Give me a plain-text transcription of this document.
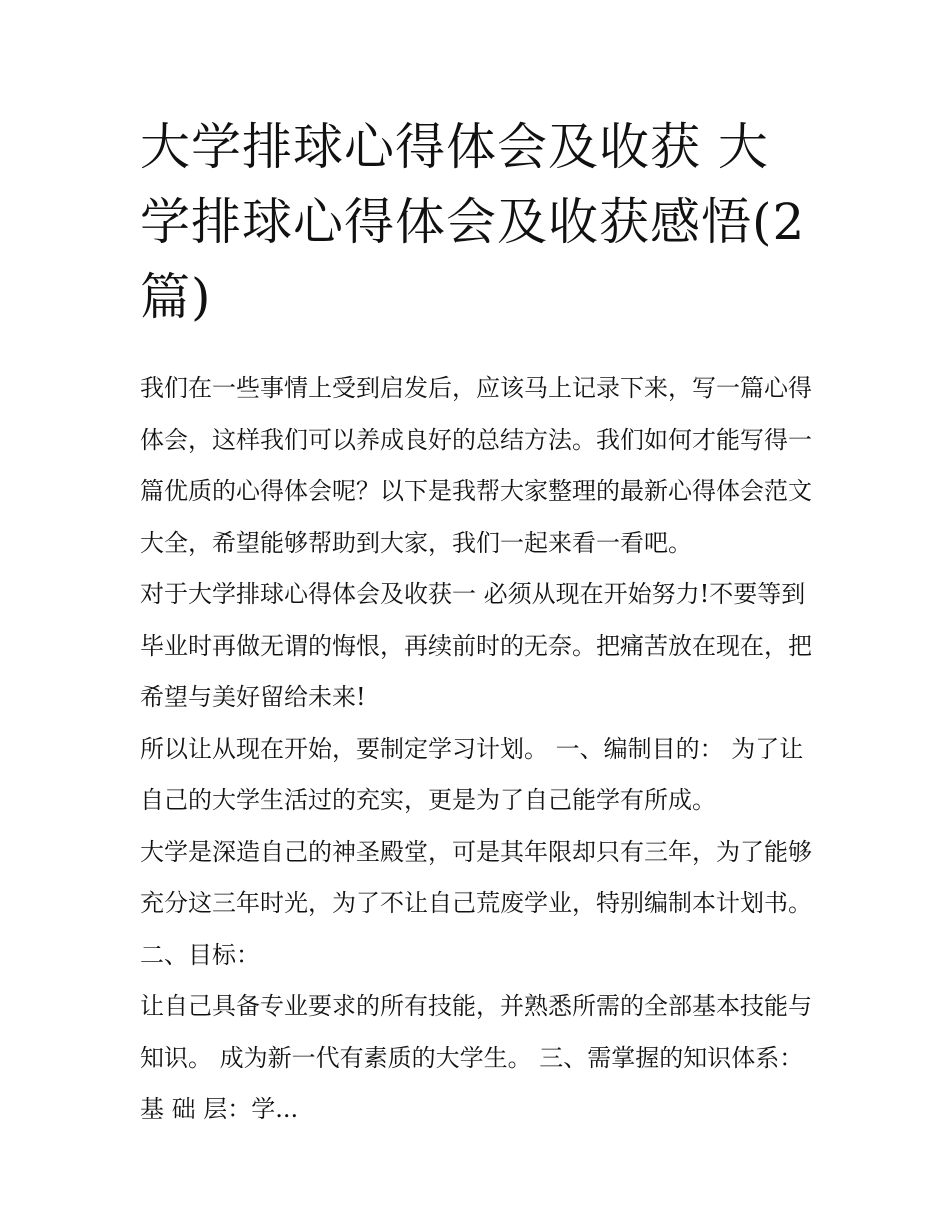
大学排球心得体会及收获 大学排球心得体会及收获感悟(2篇)

我们在一些事情上受到启发后，应该马上记录下来，写一篇心得体会，这样我们可以养成良好的总结方法。我们如何才能写得一篇优质的心得体会呢？以下是我帮大家整理的最新心得体会范文大全，希望能够帮助到大家，我们一起来看一看吧。

对于大学排球心得体会及收获一 必须从现在开始努力!不要等到毕业时再做无谓的悔恨，再续前时的无奈。把痛苦放在现在，把希望与美好留给未来!

所以让从现在开始，要制定学习计划。 一、编制目的： 为了让自己的大学生活过的充实，更是为了自己能学有所成。

大学是深造自己的神圣殿堂，可是其年限却只有三年，为了能够充分这三年时光，为了不让自己荒废学业，特别编制本计划书。 二、目标：

让自己具备专业要求的所有技能，并熟悉所需的全部基本技能与知识。 成为新一代有素质的大学生。 三、需掌握的知识体系： 基 础 层：学...
